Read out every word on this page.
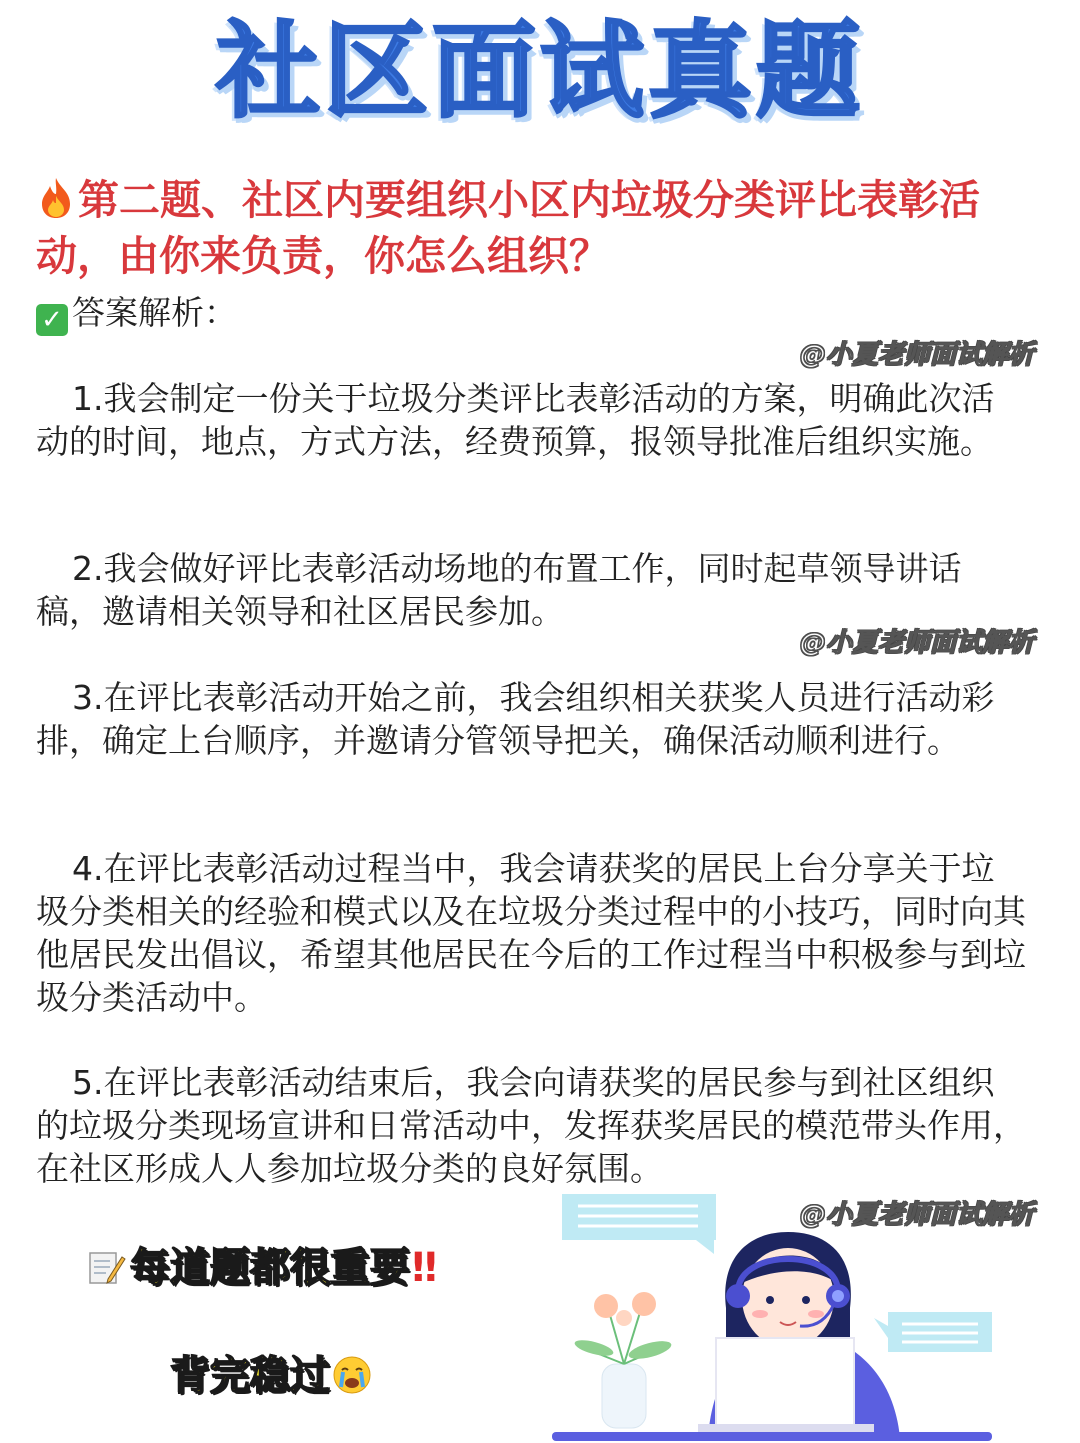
社区面试真题
第二题、社区内要组织小区内垃圾分类评比表彰活动，由你来负责，你怎么组织？
✓ 答案解析：
@小夏老师面试解析
1.我会制定一份关于垃圾分类评比表彰活动的方案，明确此次活动的时间，地点，方式方法，经费预算，报领导批准后组织实施。
2.我会做好评比表彰活动场地的布置工作，同时起草领导讲话稿，邀请相关领导和社区居民参加。
@小夏老师面试解析
3.在评比表彰活动开始之前，我会组织相关获奖人员进行活动彩排，确定上台顺序，并邀请分管领导把关，确保活动顺利进行。
4.在评比表彰活动过程当中，我会请获奖的居民上台分享关于垃圾分类相关的经验和模式以及在垃圾分类过程中的小技巧，同时向其他居民发出倡议，希望其他居民在今后的工作过程当中积极参与到垃圾分类活动中。
5.在评比表彰活动结束后，我会向请获奖的居民参与到社区组织的垃圾分类现场宣讲和日常活动中，发挥获奖居民的模范带头作用，在社区形成人人参加垃圾分类的良好氛围。
@小夏老师面试解析
每道题都很重要‼
背完稳过
